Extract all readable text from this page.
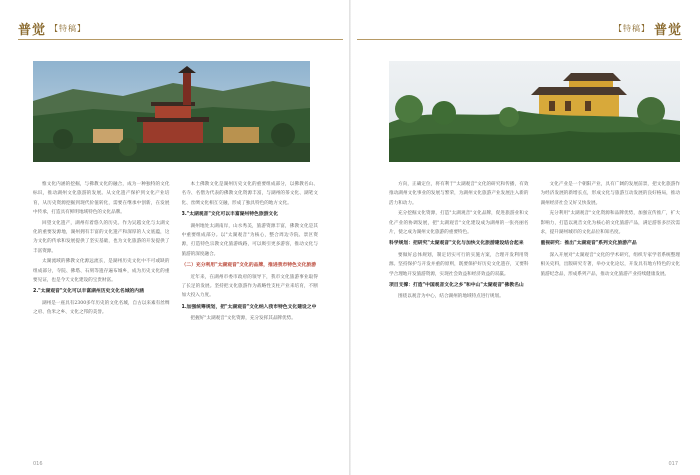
普觉 【特稿】

惟文化内涵的挖掘，与佛教文化的融合，成为一种独特的文化标识，推动湖州文化旅游的发展。从文化遗产保护到文化产业培育，从历史资源挖掘到现代价值转化，需要在继承中创新，在发展中传承，打造具有鲜明地域特色的文化品牌。

回望文化遗产，湖州有着悠久的历史。作为吴越文化与太湖文化的重要发源地，湖州拥有丰富的文化遗产和深厚的人文底蕴，这为文化的传承和发展提供了坚实基础，也为文化旅游的开发提供了丰富资源。

太湖流域的佛教文化源远流长，是湖州历史文化中不可或缺的组成部分，寺院、佛塔、石刻等遗存遍布城乡，成为历史文化的重要见证，也是今天文化建设的宝贵财富。

2."太湖观音"文化可以丰富湖州历史文化名城的内涵

湖州是一座具有2300多年历史的文化名城，自古以来素有丝绸之府、鱼米之乡、文化之邦的美誉。

本土佛教文化是湖州历史文化的重要组成部分，以佛教名山、名寺、名僧为代表的佛教文化资源丰富，与湖州的茶文化、湖笔文化、丝绸文化相互交融，形成了独具特色的地方文化。

3."太湖观音"文化可以丰富湖州特色旅游文化

湖州地处太湖南岸，山水秀美，旅游资源丰富，佛教文化是其中重要组成部分。以"太湖观音"为核心，整合周边寺院、景区资源，打造特色宗教文化旅游线路，可以吸引更多游客，推动文化与旅游的深度融合。

（二）充分利用"太湖观音"文化的品牌，推进我市特色文化旅游

近年来，在湖州市委市政府的领导下，我市文化旅游事业取得了长足的发展。坚持把文化旅游作为战略性支柱产业来培育，不断加大投入力度。

1.加强统筹规划，把"太湖观音"文化纳入我市特色文化建设之中

把握好"太湖观音"文化资源，充分发挥其品牌优势。

016
【特稿】 普觉

方向，正确定位，将有利于"太湖观音"文化的研究和传播，有效推动湖州文化事业的发展与繁荣，为湖州文化旅游产业发展注入新的活力和动力。

充分挖掘文化资源，打造"太湖观音"文化品牌，促进旅游业和文化产业的协调发展，把"太湖观音"文化建设成为湖州的一张亮丽名片，使之成为湖州文化旅游的重要特色。

科学规划：把研究"太湖观音"文化与加快文化旅游建设结合起来

要做好总体规划，制定切实可行的实施方案，合理开发利用资源。坚持保护与开发并重的原则，既要保护好历史文化遗存，又要科学合理地开发旅游资源，实现社会效益和经济效益的双赢。

项目支撑：打造"中国观音文化之乡"和中山"太湖观音"佛教名山

围绕以观音为中心，结合湖州的地域特点进行规划。

文化产业是一个朝阳产业，具有广阔的发展前景，把文化旅游作为经济发展的新增长点，形成文化与旅游互动发展的良好格局，推动湖州经济社会又好又快发展。

充分利用"太湖观音"文化资源和品牌优势，加强宣传推广，扩大影响力，打造以观音文化为核心的文化旅游产品，满足游客多层次需求，提升湖州城市的文化品位和知名度。

重视研究：推出"太湖观音"系列文化旅游产品

深入开展对"太湖观音"文化的学术研究，组织专家学者系统整理相关史料，出版研究专著，举办文化论坛，开发具有地方特色的文化旅游纪念品，形成系列产品，推动文化旅游产业持续健康发展。

017
